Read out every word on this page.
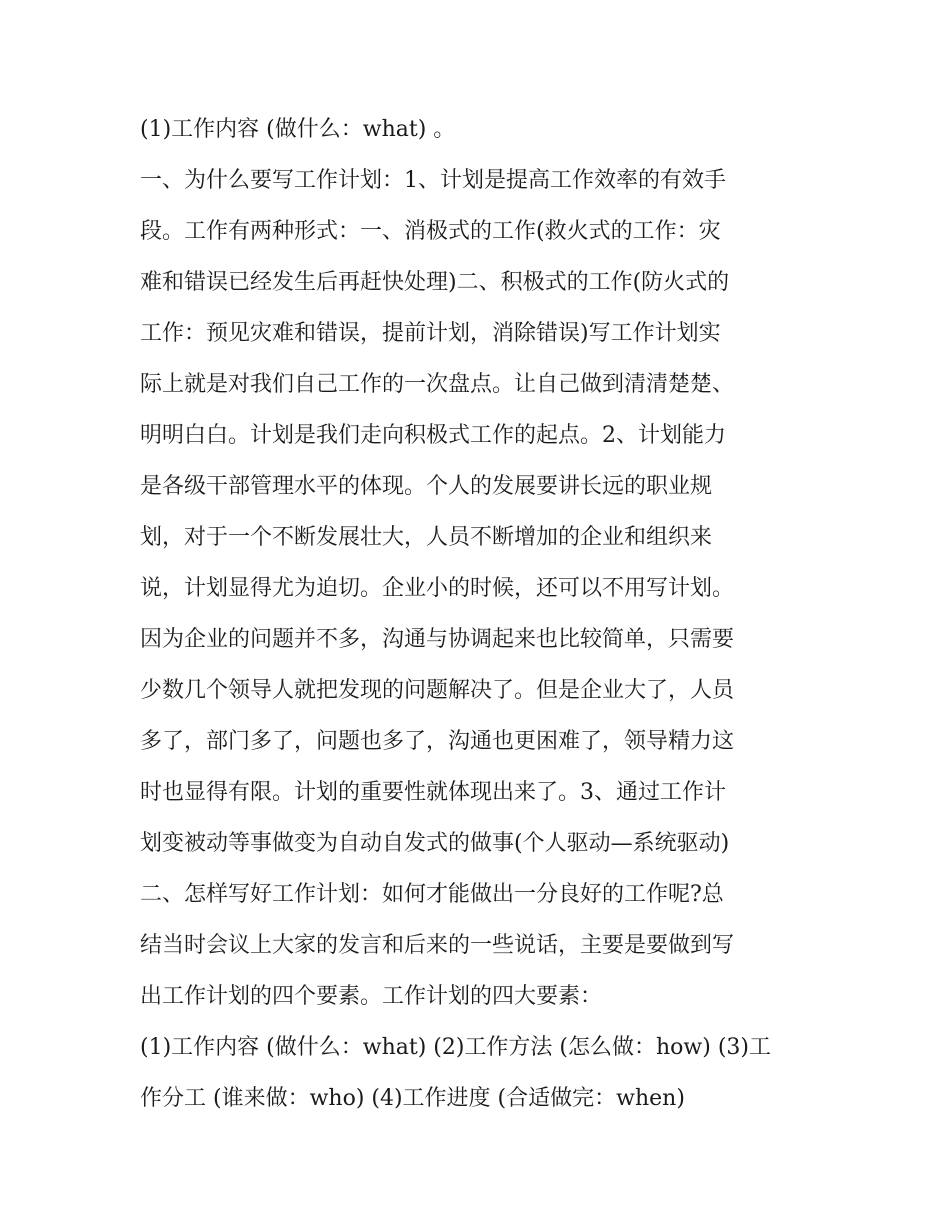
(1)工作内容 (做什么：what) 。
一、为什么要写工作计划：1、计划是提高工作效率的有效手
段。工作有两种形式：一、消极式的工作(救火式的工作：灾
难和错误已经发生后再赶快处理)二、积极式的工作(防火式的
工作：预见灾难和错误，提前计划，消除错误)写工作计划实
际上就是对我们自己工作的一次盘点。让自己做到清清楚楚、
明明白白。计划是我们走向积极式工作的起点。2、计划能力
是各级干部管理水平的体现。个人的发展要讲长远的职业规
划，对于一个不断发展壮大，人员不断增加的企业和组织来
说，计划显得尤为迫切。企业小的时候，还可以不用写计划。
因为企业的问题并不多，沟通与协调起来也比较简单，只需要
少数几个领导人就把发现的问题解决了。但是企业大了，人员
多了，部门多了，问题也多了，沟通也更困难了，领导精力这
时也显得有限。计划的重要性就体现出来了。3、通过工作计
划变被动等事做变为自动自发式的做事(个人驱动—系统驱动)
二、怎样写好工作计划：如何才能做出一分良好的工作呢?总
结当时会议上大家的发言和后来的一些说话，主要是要做到写
出工作计划的四个要素。工作计划的四大要素：
(1)工作内容 (做什么：what) (2)工作方法 (怎么做：how) (3)工
作分工 (谁来做：who) (4)工作进度 (合适做完：when)
